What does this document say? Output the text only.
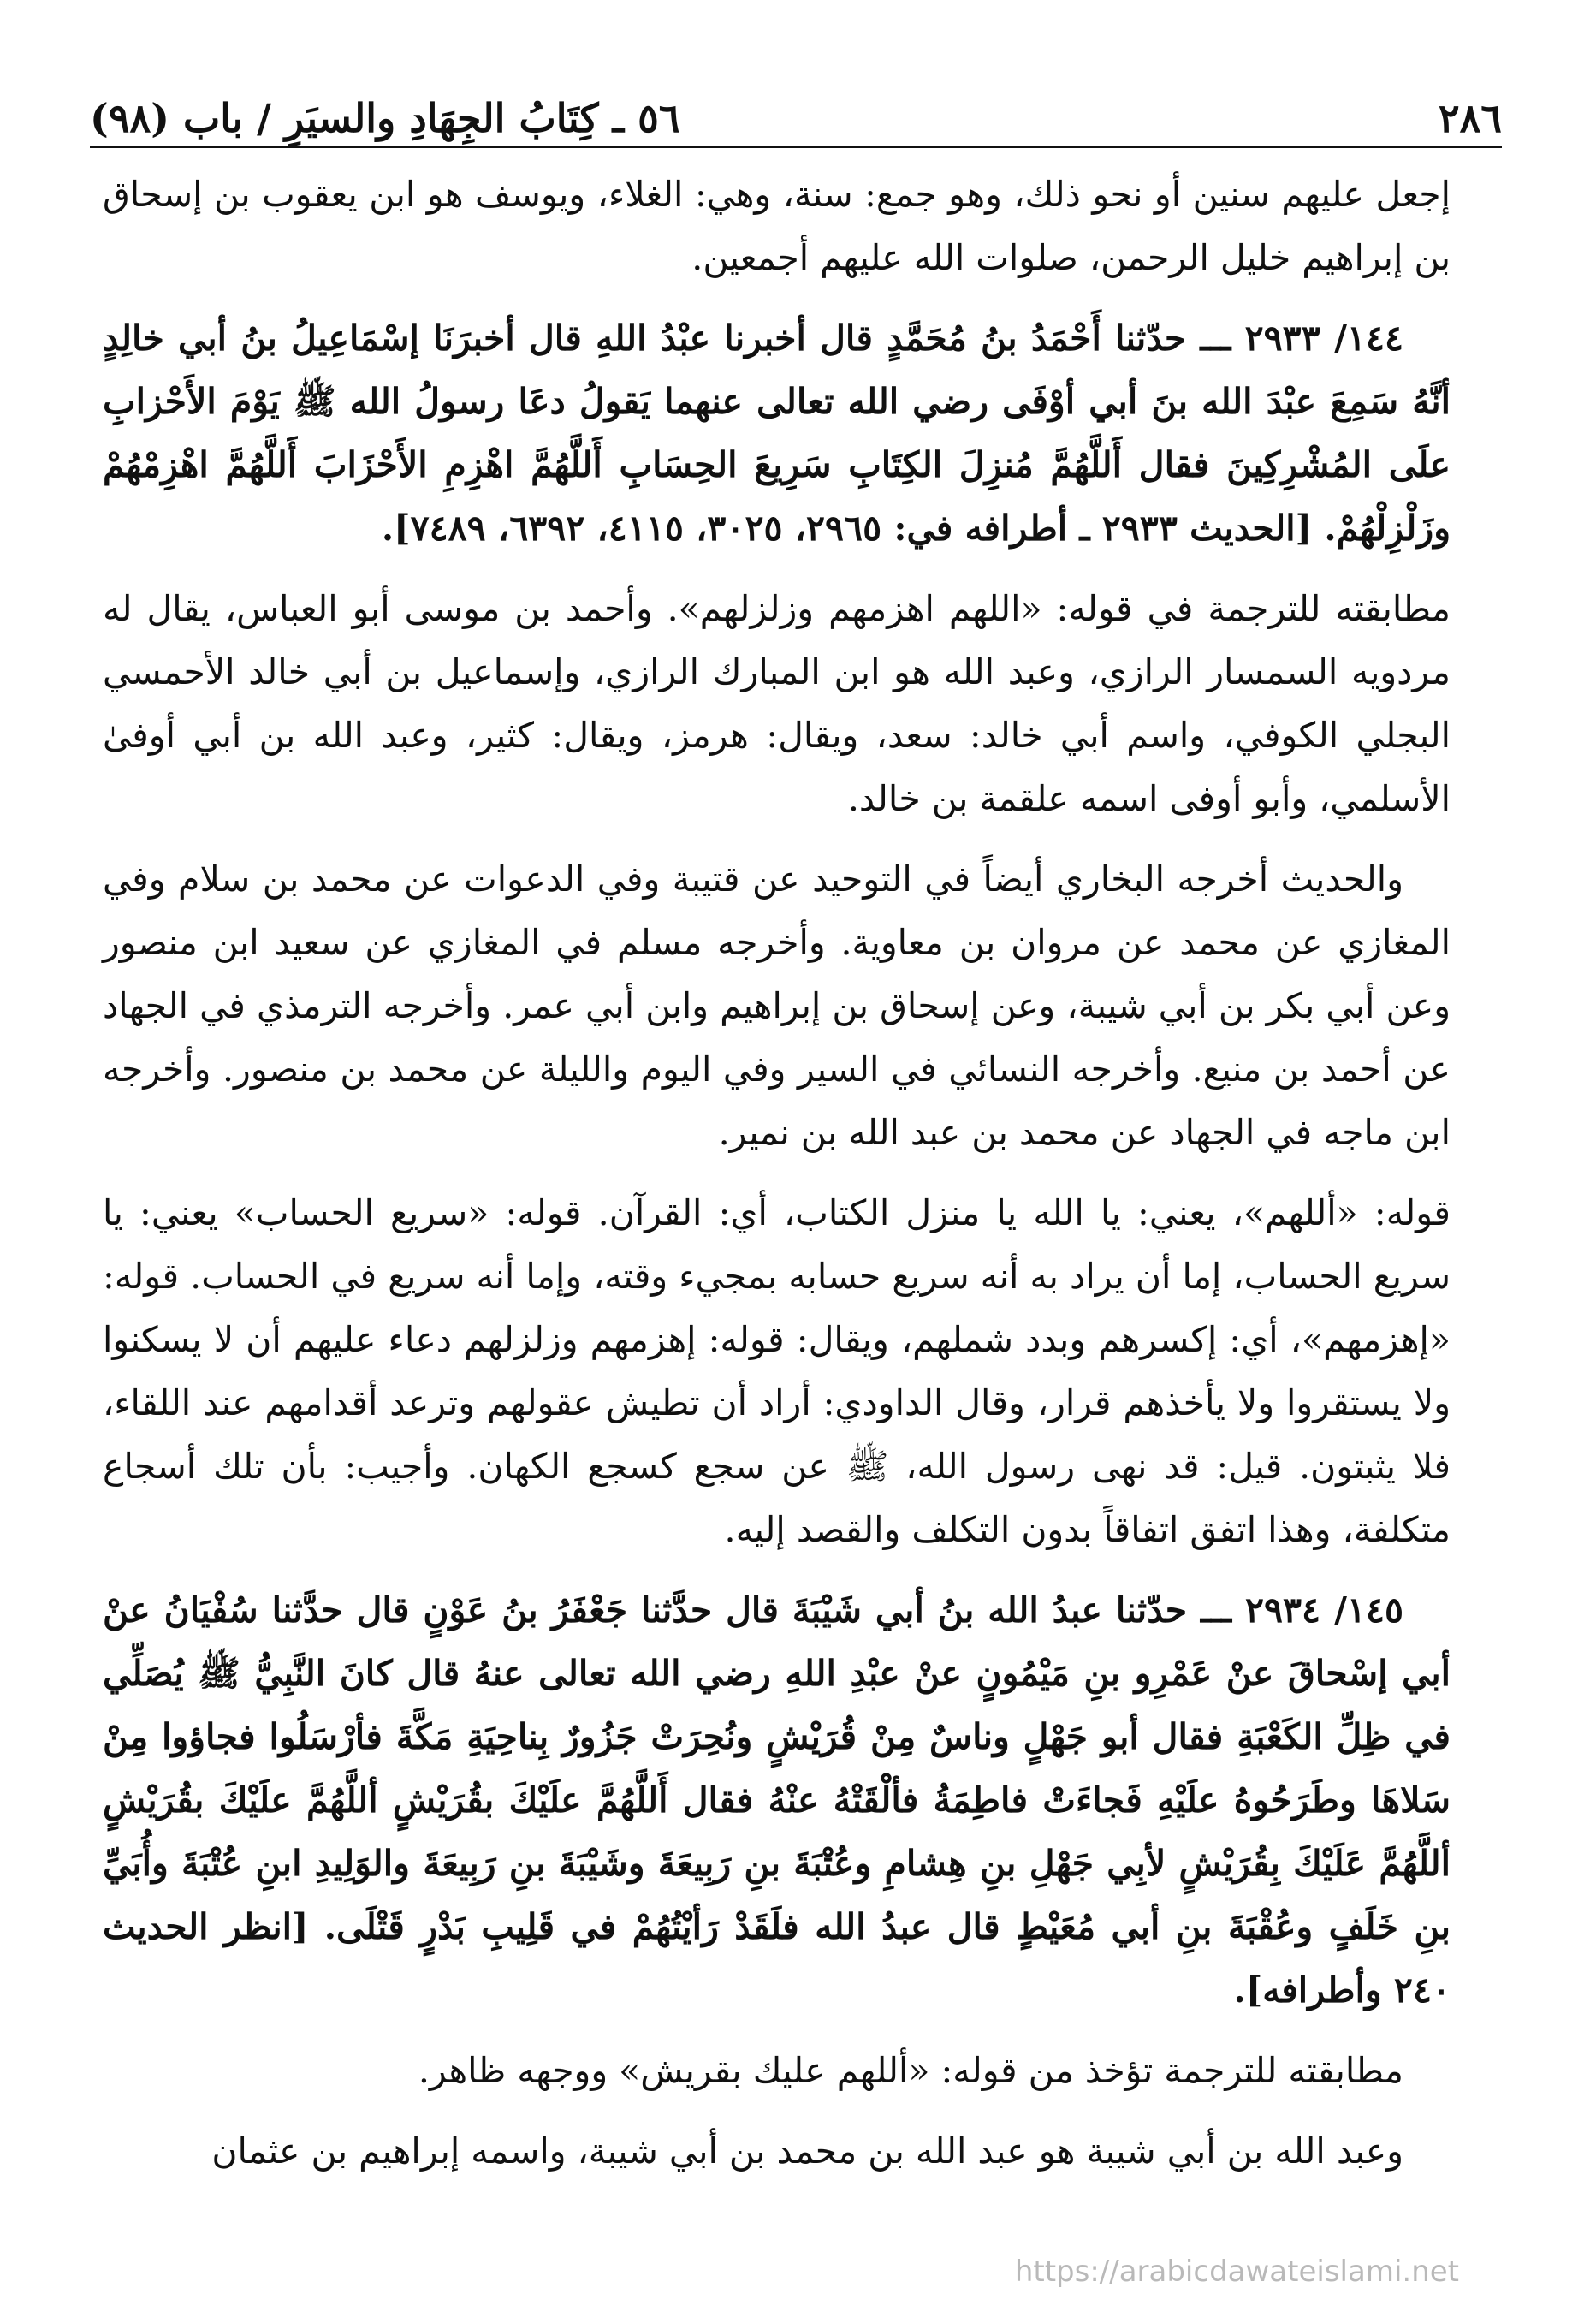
٢٨٦
٥٦ ـ كِتَابُ الجِهَادِ والسيَرِ / باب (٩٨)

إجعل عليهم سنين أو نحو ذلك، وهو جمع: سنة، وهي: الغلاء، ويوسف هو ابن يعقوب بن إسحاق بن إبراهيم خليل الرحمن، صلوات الله عليهم أجمعين.

١٤٤/ ٢٩٣٣ ـــ حدّثنا أَحْمَدُ بنُ مُحَمَّدٍ قال أخبرنا عبْدُ اللهِ قال أخبرَنَا إسْمَاعِيلُ بنُ أبي خالِدٍ أنَّهُ سَمِعَ عبْدَ الله بنَ أبي أوْفَى رضي الله تعالى عنهما يَقولُ دعَا رسولُ الله ﷺ يَوْمَ الأَحْزابِ علَى المُشْرِكِينَ فقال أَللَّهُمَّ مُنزِلَ الكِتَابِ سَرِيعَ الحِسَابِ أَللَّهُمَّ اهْزِمِ الأَحْزَابَ أَللَّهُمَّ اهْزِمْهُمْ وزَلْزِلْهُمْ. [الحديث ٢٩٣٣ ـ أطرافه في: ٢٩٦٥، ٣٠٢٥، ٤١١٥، ٦٣٩٢، ٧٤٨٩].

مطابقته للترجمة في قوله: «اللهم اهزمهم وزلزلهم». وأحمد بن موسى أبو العباس، يقال له مردويه السمسار الرازي، وعبد الله هو ابن المبارك الرازي، وإسماعيل بن أبي خالد الأحمسي البجلي الكوفي، واسم أبي خالد: سعد، ويقال: هرمز، ويقال: كثير، وعبد الله بن أبي أوفىٰ الأسلمي، وأبو أوفى اسمه علقمة بن خالد.

والحديث أخرجه البخاري أيضاً في التوحيد عن قتيبة وفي الدعوات عن محمد بن سلام وفي المغازي عن محمد عن مروان بن معاوية. وأخرجه مسلم في المغازي عن سعيد ابن منصور وعن أبي بكر بن أبي شيبة، وعن إسحاق بن إبراهيم وابن أبي عمر. وأخرجه الترمذي في الجهاد عن أحمد بن منيع. وأخرجه النسائي في السير وفي اليوم والليلة عن محمد بن منصور. وأخرجه ابن ماجه في الجهاد عن محمد بن عبد الله بن نمير.

قوله: «أللهم»، يعني: يا الله يا منزل الكتاب، أي: القرآن. قوله: «سريع الحساب» يعني: يا سريع الحساب، إما أن يراد به أنه سريع حسابه بمجيء وقته، وإما أنه سريع في الحساب. قوله: «إهزمهم»، أي: إكسرهم وبدد شملهم، ويقال: قوله: إهزمهم وزلزلهم دعاء عليهم أن لا يسكنوا ولا يستقروا ولا يأخذهم قرار، وقال الداودي: أراد أن تطيش عقولهم وترعد أقدامهم عند اللقاء، فلا يثبتون. قيل: قد نهى رسول الله، ﷺ عن سجع كسجع الكهان. وأجيب: بأن تلك أسجاع متكلفة، وهذا اتفق اتفاقاً بدون التكلف والقصد إليه.

١٤٥/ ٢٩٣٤ ـــ حدّثنا عبدُ الله بنُ أبي شَيْبَةَ قال حدَّثنا جَعْفَرُ بنُ عَوْنٍ قال حدَّثنا سُفْيَانُ عنْ أبي إسْحاقَ عنْ عَمْرِو بنِ مَيْمُونٍ عنْ عبْدِ اللهِ رضي الله تعالى عنهُ قال كانَ النَّبِيُّ ﷺ يُصَلِّي في ظِلِّ الكَعْبَةِ فقال أبو جَهْلٍ وناسٌ مِنْ قُرَيْشٍ ونُحِرَتْ جَزُورٌ بِناحِيَةِ مَكَّةَ فأرْسَلُوا فجاؤوا مِنْ سَلاهَا وطَرَحُوهُ علَيْهِ فَجاءَتْ فاطِمَةُ فألْقَتْهُ عنْهُ فقال أَللَّهُمَّ علَيْكَ بقُرَيْشٍ أللَّهُمَّ علَيْكَ بقُرَيْشٍ أللَّهُمَّ عَلَيْكَ بِقُرَيْشٍ لأبِي جَهْلِ بنِ هِشامِ وعُتْبَةَ بنِ رَبِيعَةَ وشَيْبَةَ بنِ رَبِيعَةَ والوَلِيدِ ابنِ عُتْبَةَ وأُبَيِّ بنِ خَلَفٍ وعُقْبَةَ بنِ أبي مُعَيْطٍ قال عبدُ الله فلَقَدْ رَأيْتُهُمْ في قَلِيبِ بَدْرٍ قَتْلَى. [انظر الحديث ٢٤٠ وأطرافه].

مطابقته للترجمة تؤخذ من قوله: «أللهم عليك بقريش» ووجهه ظاهر.

وعبد الله بن أبي شيبة هو عبد الله بن محمد بن أبي شيبة، واسمه إبراهيم بن عثمان

https://arabicdawateislami.net
